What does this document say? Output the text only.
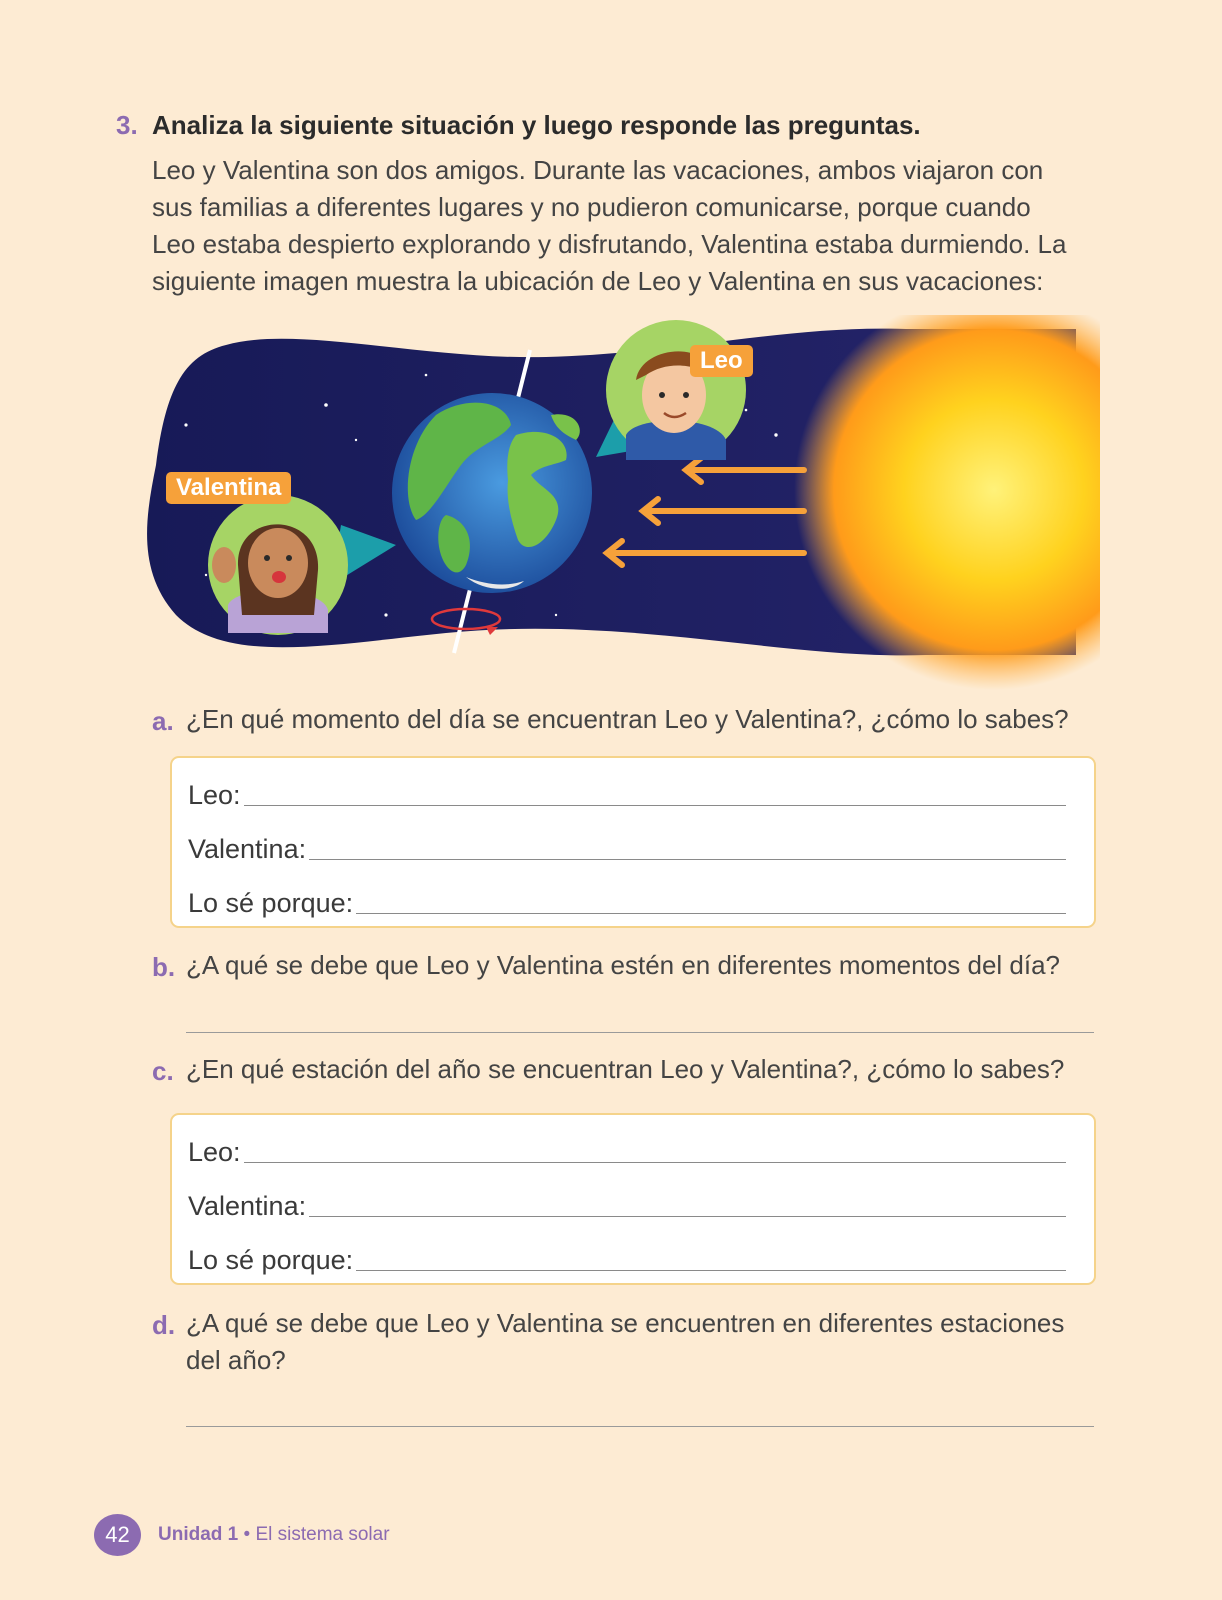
3. Analiza la siguiente situación y luego responde las preguntas.
Leo y Valentina son dos amigos. Durante las vacaciones, ambos viajaron con
sus familias a diferentes lugares y no pudieron comunicarse, porque cuando
Leo estaba despierto explorando y disfrutando, Valentina estaba durmiendo. La
siguiente imagen muestra la ubicación de Leo y Valentina en sus vacaciones:
Leo
Valentina
a. ¿En qué momento del día se encuentran Leo y Valentina?, ¿cómo lo sabes?
Leo:
Valentina:
Lo sé porque:
b. ¿A qué se debe que Leo y Valentina estén en diferentes momentos del día?
c. ¿En qué estación del año se encuentran Leo y Valentina?, ¿cómo lo sabes?
Leo:
Valentina:
Lo sé porque:
d. ¿A qué se debe que Leo y Valentina se encuentren en diferentes estaciones
del año?
42	Unidad 1 • El sistema solar
